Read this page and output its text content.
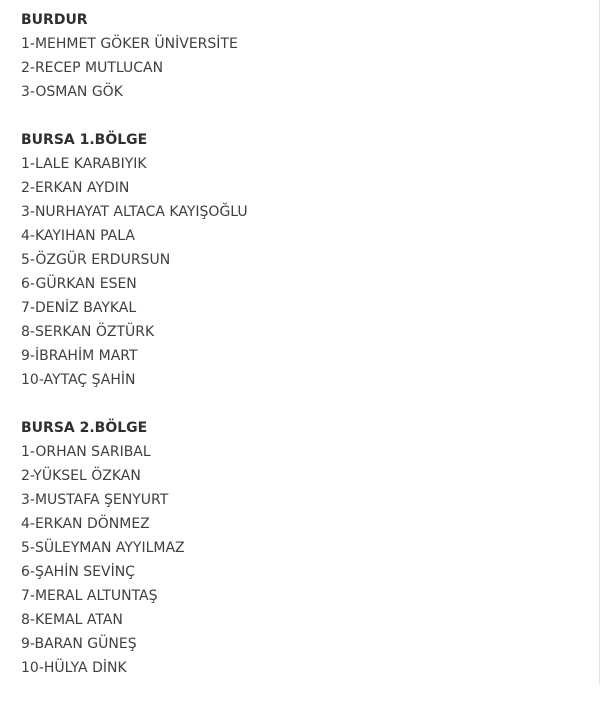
BURDUR
1-MEHMET GÖKER ÜNİVERSİTE
2-RECEP MUTLUCAN
3-OSMAN GÖK
BURSA 1.BÖLGE
1-LALE KARABIYIK
2-ERKAN AYDIN
3-NURHAYAT ALTACA KAYIŞOĞLU
4-KAYIHAN PALA
5-ÖZGÜR ERDURSUN
6-GÜRKAN ESEN
7-DENİZ BAYKAL
8-SERKAN ÖZTÜRK
9-İBRAHİM MART
10-AYTAÇ ŞAHİN
BURSA 2.BÖLGE
1-ORHAN SARIBAL
2-YÜKSEL ÖZKAN
3-MUSTAFA ŞENYURT
4-ERKAN DÖNMEZ
5-SÜLEYMAN AYYILMAZ
6-ŞAHİN SEVİNÇ
7-MERAL ALTUNTAŞ
8-KEMAL ATAN
9-BARAN GÜNEŞ
10-HÜLYA DİNK
